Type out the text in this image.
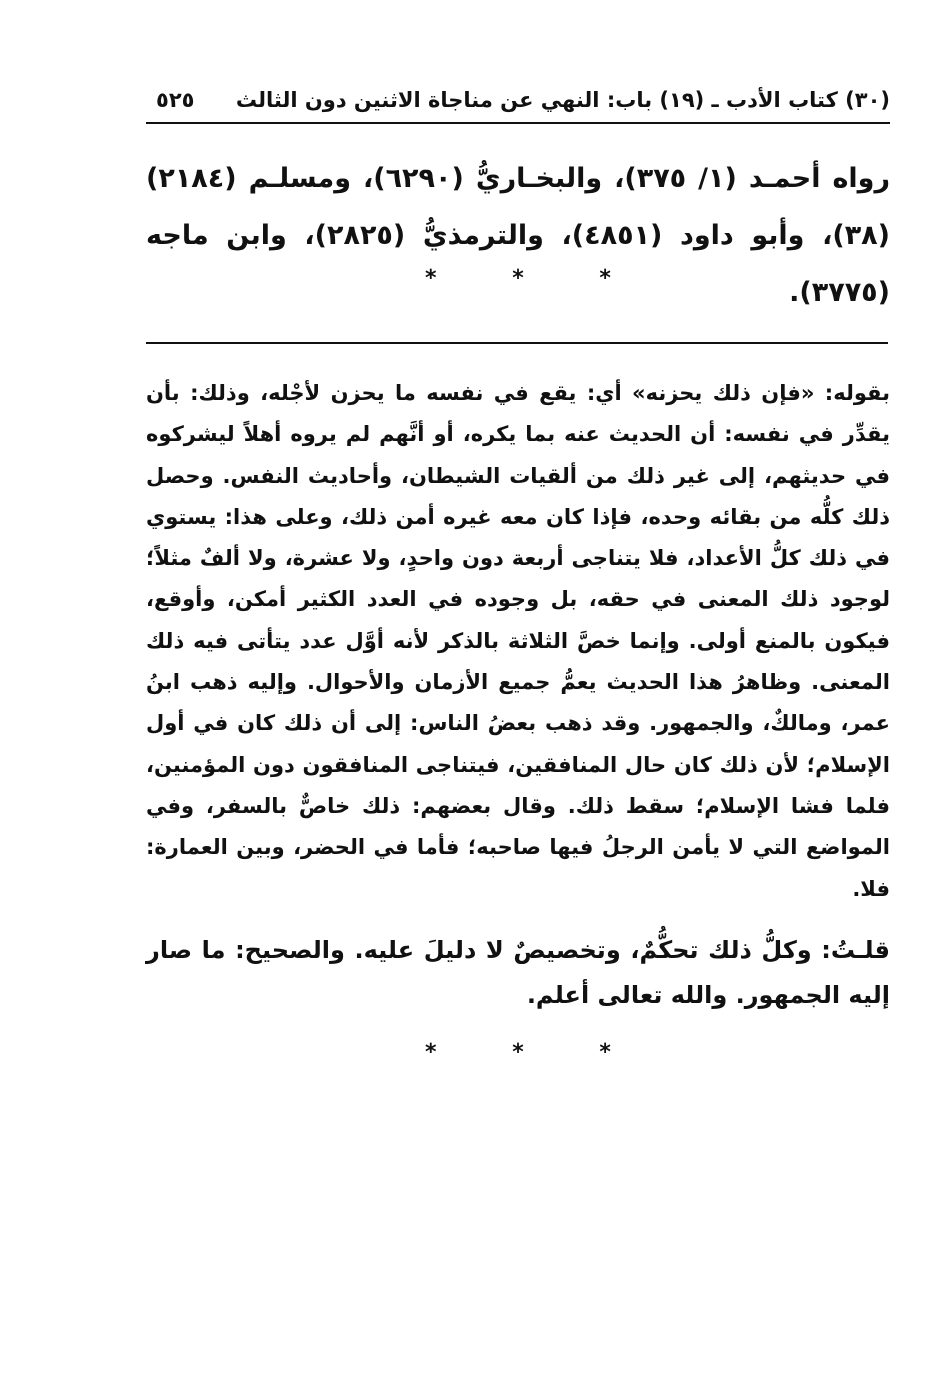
(٣٠) كتاب الأدب ـ (١٩) باب: النهي عن مناجاة الاثنين دون الثالث
٥٢٥
رواه أحمـد (١/ ٣٧٥)، والبخـاريُّ (٦٢٩٠)، ومسلـم (٢١٨٤) (٣٨)، وأبو داود (٤٨٥١)، والترمذيُّ (٢٨٢٥)، وابن ماجه (٣٧٧٥).
* * *
بقوله: «فإن ذلك يحزنه» أي: يقع في نفسه ما يحزن لأجْله، وذلك: بأن يقدِّر في نفسه: أن الحديث عنه بما يكره، أو أنَّهم لم يروه أهلاً ليشركوه في حديثهم، إلى غير ذلك من ألقيات الشيطان، وأحاديث النفس. وحصل ذلك كلُّه من بقائه وحده، فإذا كان معه غيره أمن ذلك، وعلى هذا: يستوي في ذلك كلُّ الأعداد، فلا يتناجى أربعة دون واحدٍ، ولا عشرة، ولا ألفٌ مثلاً؛ لوجود ذلك المعنى في حقه، بل وجوده في العدد الكثير أمكن، وأوقع، فيكون بالمنع أولى. وإنما خصَّ الثلاثة بالذكر لأنه أوَّل عدد يتأتى فيه ذلك المعنى. وظاهرُ هذا الحديث يعمُّ جميع الأزمان والأحوال. وإليه ذهب ابنُ عمر، ومالكٌ، والجمهور. وقد ذهب بعضُ الناس: إلى أن ذلك كان في أول الإسلام؛ لأن ذلك كان حال المنافقين، فيتناجى المنافقون دون المؤمنين، فلما فشا الإسلام؛ سقط ذلك. وقال بعضهم: ذلك خاصٌّ بالسفر، وفي المواضع التي لا يأمن الرجلُ فيها صاحبه؛ فأما في الحضر، وبين العمارة: فلا.
قلـتُ: وكلُّ ذلك تحكُّمٌ، وتخصيصٌ لا دليلَ عليه. والصحيح: ما صار إليه الجمهور. والله تعالى أعلم.
* * *
